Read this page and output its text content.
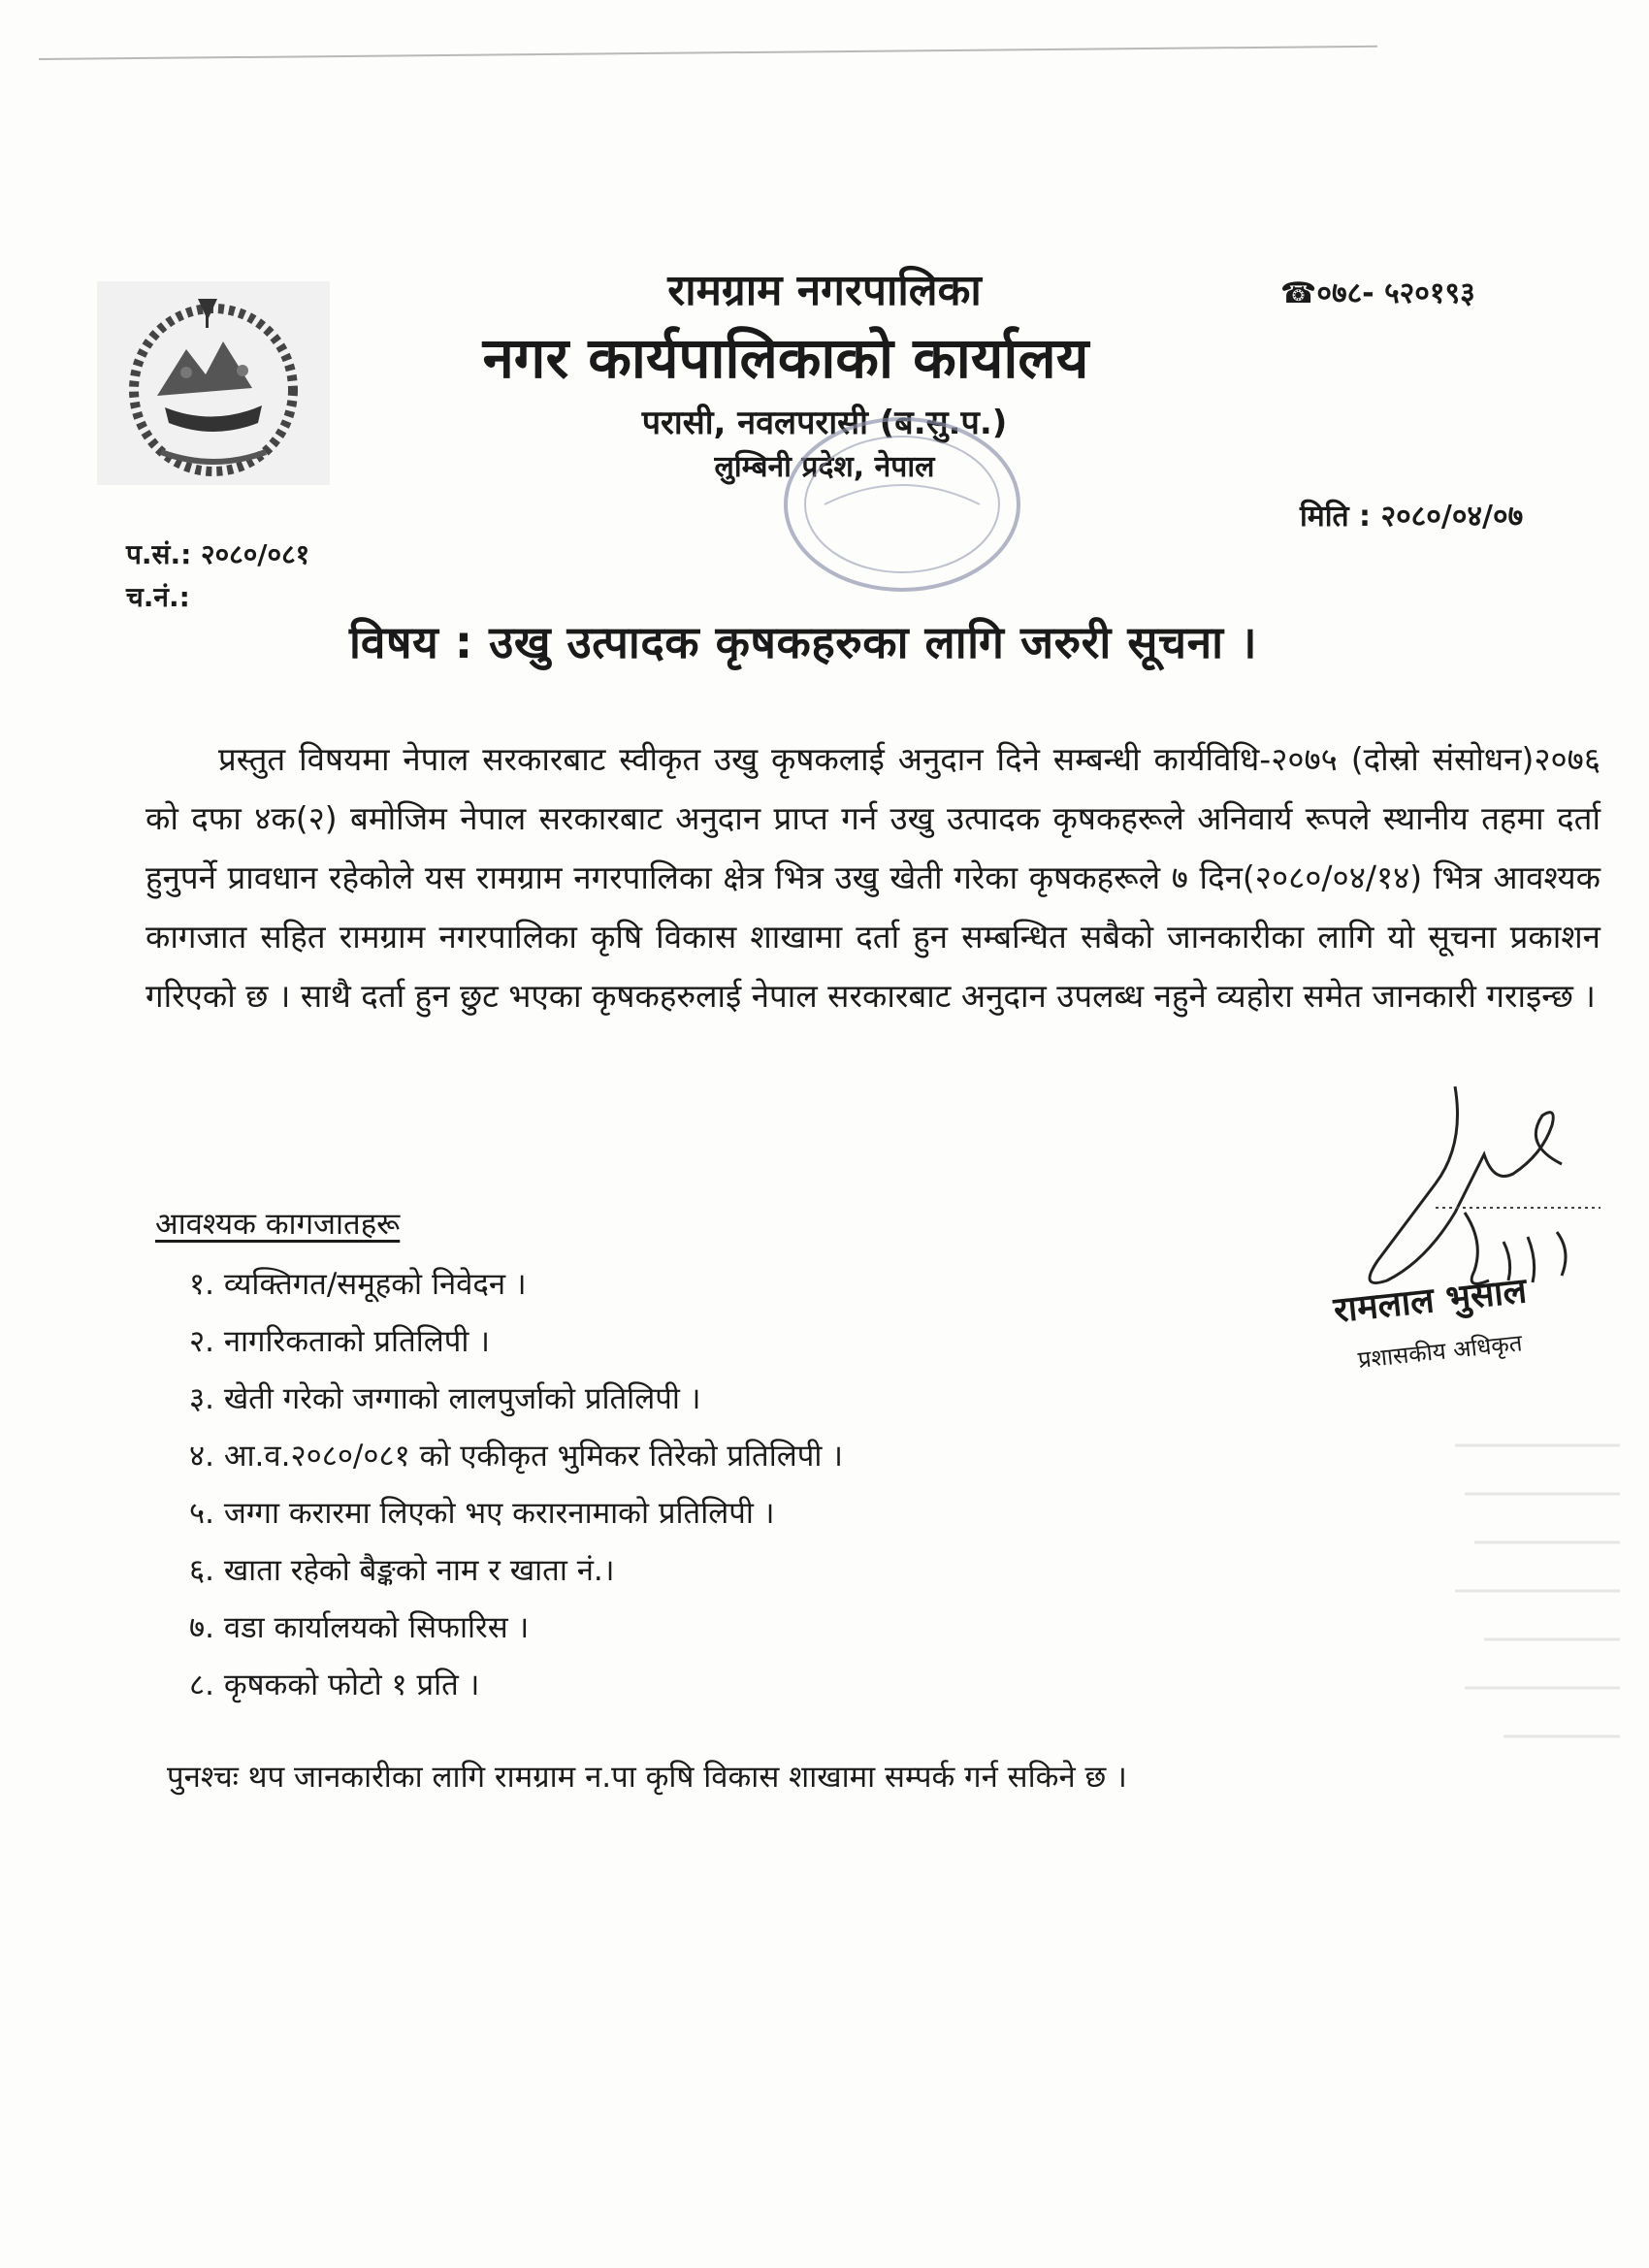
रामग्राम नगरपालिका

नगर कार्यपालिकाको कार्यालय

परासी, नवलपरासी (ब.सु.प.)

लुम्बिनी प्रदेश, नेपाल

☎०७८- ५२०१९३
मिति : २०८०/०४/०७
प.सं.: २०८०/०८१
च.नं.:
विषय : उखु उत्पादक कृषकहरुका लागि जरुरी सूचना ।

प्रस्तुत विषयमा नेपाल सरकारबाट स्वीकृत उखु कृषकलाई अनुदान दिने सम्बन्धी कार्यविधि-२०७५ (दोस्रो संसोधन)२०७६ को दफा ४क(२) बमोजिम नेपाल सरकारबाट अनुदान प्राप्त गर्न उखु उत्पादक कृषकहरूले अनिवार्य रूपले स्थानीय तहमा दर्ता हुनुपर्ने प्रावधान रहेकोले यस रामग्राम नगरपालिका क्षेत्र भित्र उखु खेती गरेका कृषकहरूले ७ दिन(२०८०/०४/१४) भित्र आवश्यक कागजात सहित रामग्राम नगरपालिका कृषि विकास शाखामा दर्ता हुन सम्बन्धित सबैको जानकारीका लागि यो सूचना प्रकाशन गरिएको छ । साथै दर्ता हुन छुट भएका कृषकहरुलाई नेपाल सरकारबाट अनुदान उपलब्ध नहुने व्यहोरा समेत जानकारी गराइन्छ ।

आवश्यक कागजातहरू
१. व्यक्तिगत/समूहको निवेदन ।
२. नागरिकताको प्रतिलिपी ।
३. खेती गरेको जग्गाको लालपुर्जाको प्रतिलिपी ।
४. आ.व.२०८०/०८१ को एकीकृत भुमिकर तिरेको प्रतिलिपी ।
५. जग्गा करारमा लिएको भए करारनामाको प्रतिलिपी ।
६. खाता रहेको बैङ्कको नाम र खाता नं.।
७. वडा कार्यालयको सिफारिस ।
८. कृषकको फोटो १ प्रति ।
रामलाल भुसाल
प्रशासकीय अधिकृत
पुनश्चः थप जानकारीका लागि रामग्राम न.पा कृषि विकास शाखामा सम्पर्क गर्न सकिने छ ।
